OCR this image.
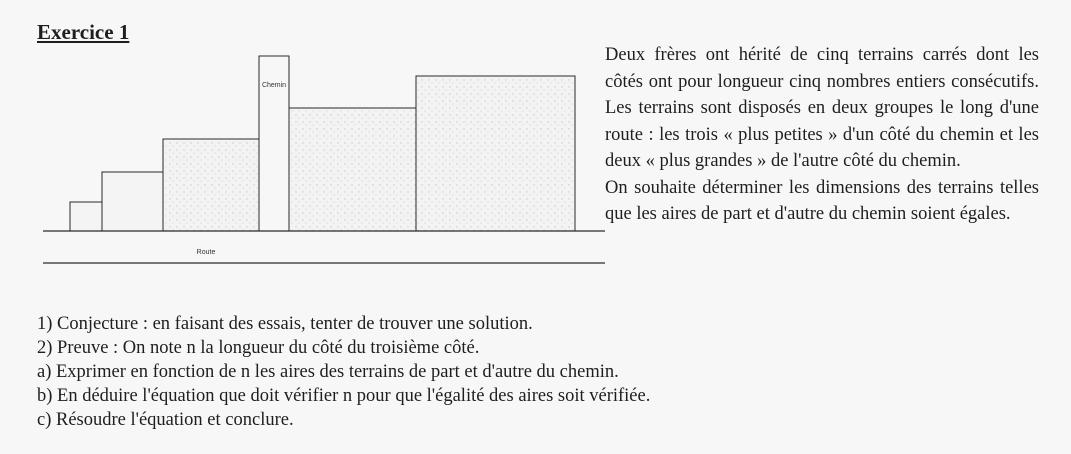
Exercice 1
Chemin
Route

Deux frères ont hérité de cinq terrains carrés dont les côtés ont pour longueur cinq nombres entiers consécutifs. Les terrains sont disposés en deux groupes le long d'une route : les trois « plus petites » d'un côté du chemin et les deux « plus grandes » de l'autre côté du chemin.

On souhaite déterminer les dimensions des terrains telles que les aires de part et d'autre du chemin soient égales.

1) Conjecture : en faisant des essais, tenter de trouver une solution.
2) Preuve : On note n la longueur du côté du troisième côté.
a) Exprimer en fonction de n les aires des terrains de part et d'autre du chemin.
b) En déduire l'équation que doit vérifier n pour que l'égalité des aires soit vérifiée.
c) Résoudre l'équation et conclure.
